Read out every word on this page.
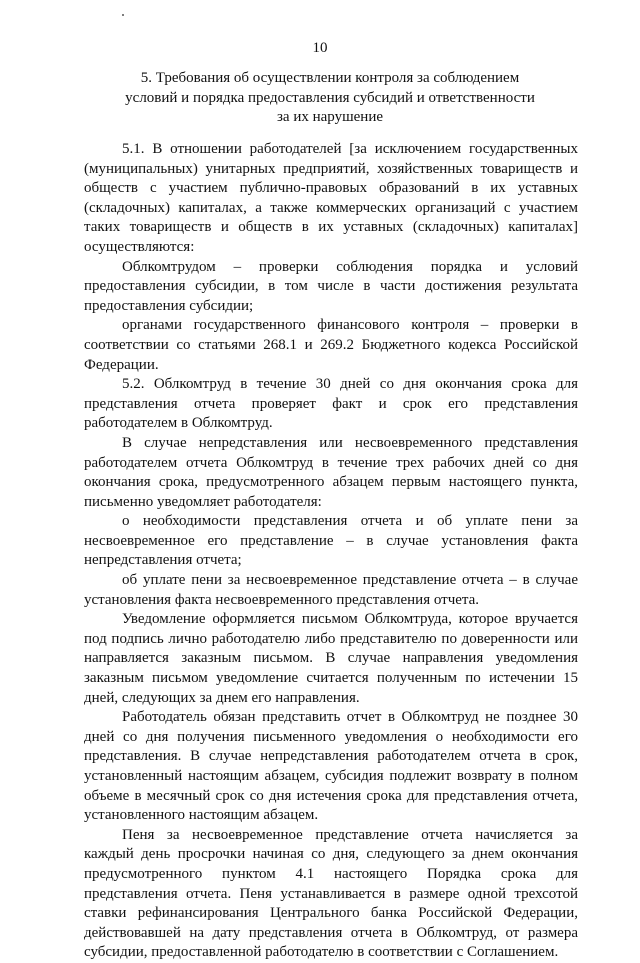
10
5. Требования об осуществлении контроля за соблюдением
условий и порядка предоставления субсидий и ответственности
за их нарушение

5.1. В отношении работодателей [за исключением государственных (муниципальных) унитарных предприятий, хозяйственных товариществ и обществ с участием публично-правовых образований в их уставных (складочных) капиталах, а также коммерческих организаций с участием таких товариществ и обществ в их уставных (складочных) капиталах] осуществляются:

Облкомтрудом – проверки соблюдения порядка и условий предоставления субсидии, в том числе в части достижения результата предоставления субсидии;

органами государственного финансового контроля – проверки в соответствии со статьями 268.1 и 269.2 Бюджетного кодекса Российской Федерации.

5.2. Облкомтруд в течение 30 дней со дня окончания срока для представления отчета проверяет факт и срок его представления работодателем в Облкомтруд.

В случае непредставления или несвоевременного представления работодателем отчета Облкомтруд в течение трех рабочих дней со дня окончания срока, предусмотренного абзацем первым настоящего пункта, письменно уведомляет работодателя:

о необходимости представления отчета и об уплате пени за несвоевременное его представление – в случае установления факта непредставления отчета;

об уплате пени за несвоевременное представление отчета – в случае установления факта несвоевременного представления отчета.

Уведомление оформляется письмом Облкомтруда, которое вручается под подпись лично работодателю либо представителю по доверенности или направляется заказным письмом. В случае направления уведомления заказным письмом уведомление считается полученным по истечении 15 дней, следующих за днем его направления.

Работодатель обязан представить отчет в Облкомтруд не позднее 30 дней со дня получения письменного уведомления о необходимости его представления. В случае непредставления работодателем отчета в срок, установленный настоящим абзацем, субсидия подлежит возврату в полном объеме в месячный срок со дня истечения срока для представления отчета, установленного настоящим абзацем.

Пеня за несвоевременное представление отчета начисляется за каждый день просрочки начиная со дня, следующего за днем окончания предусмотренного пунктом 4.1 настоящего Порядка срока для представления отчета. Пеня устанавливается в размере одной трехсотой ставки рефинансирования Центрального банка Российской Федерации, действовавшей на дату представления отчета в Облкомтруд, от размера субсидии, предоставленной работодателю в соответствии с Соглашением.
